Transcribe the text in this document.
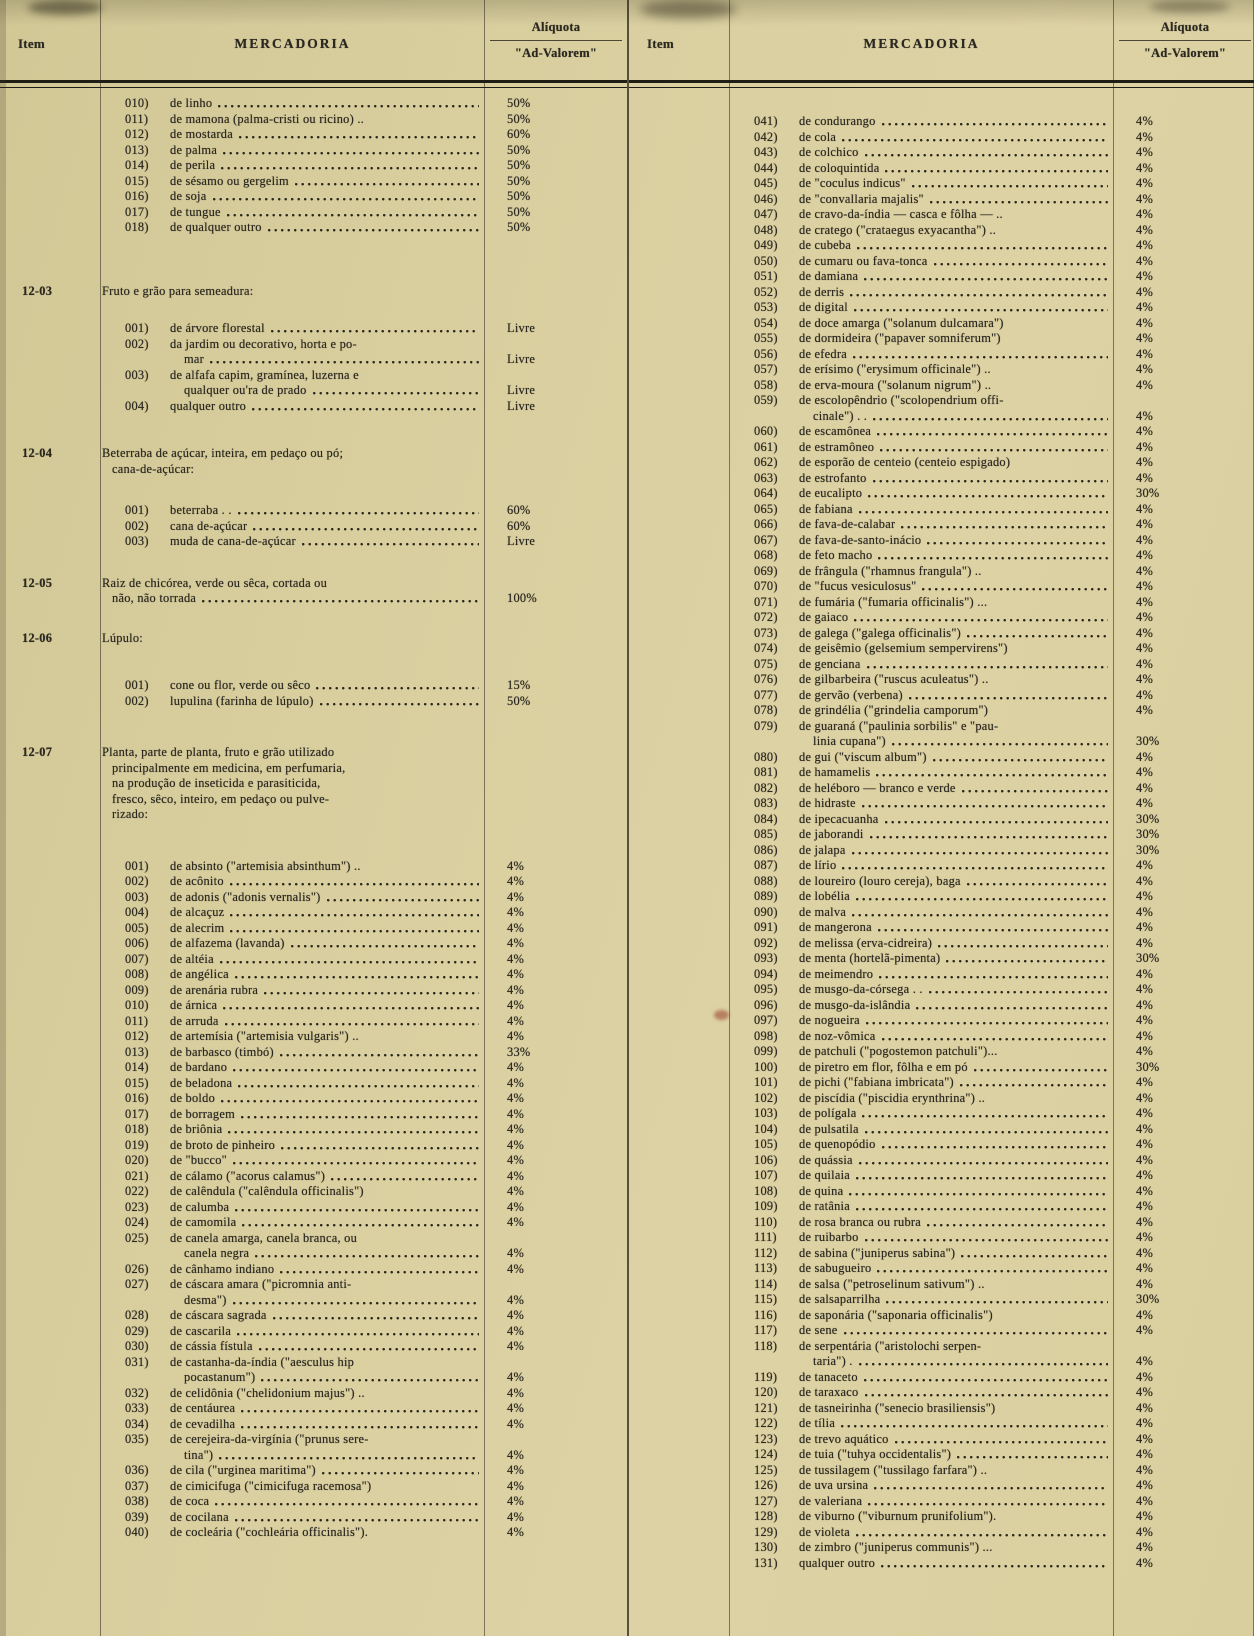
Item	MERCADORIA
Alíquota
"Ad-Valorem"
010)	de linho	50%
011)	de mamona (palma-cristi ou ricino) ..	50%
012)	de mostarda	60%
013)	de palma	50%
014)	de perila	50%
015)	de sésamo ou gergelim	50%
016)	de soja	50%
017)	de tungue	50%
018)	de qualquer outro	50%
12-03	Fruto e grão para semeadura:
001)	de árvore florestal	Livre
002)	da jardim ou decorativo, horta e po-
mar	Livre
003)	de alfafa capim, gramínea, luzerna e
qualquer ou'ra de prado	Livre
004)	qualquer outro	Livre
12-04	Beterraba de açúcar, inteira, em pedaço ou pó;
cana-de-açúcar:
001)	beterraba . .	60%
002)	cana de-açúcar	60%
003)	muda de cana-de-açúcar	Livre
12-05	Raiz de chicórea, verde ou sêca, cortada ou
não, não torrada	100%
12-06	Lúpulo:
001)	cone ou flor, verde ou sêco	15%
002)	lupulina (farinha de lúpulo)	50%
12-07	Planta, parte de planta, fruto e grão utilizado
principalmente em medicina, em perfumaria,
na produção de inseticida e parasiticida,
fresco, sêco, inteiro, em pedaço ou pulve-
rizado:
001)	de absinto ("artemisia absinthum") ..	4%
002)	de acônito	4%
003)	de adonis ("adonis vernalis")	4%
004)	de alcaçuz	4%
005)	de alecrim	4%
006)	de alfazema (lavanda)	4%
007)	de altéia	4%
008)	de angélica	4%
009)	de arenária rubra	4%
010)	de árnica	4%
011)	de arruda	4%
012)	de artemísia ("artemisia vulgaris") ..	4%
013)	de barbasco (timbó)	33%
014)	de bardano	4%
015)	de beladona	4%
016)	de boldo	4%
017)	de borragem	4%
018)	de briônia	4%
019)	de broto de pinheiro	4%
020)	de "bucco"	4%
021)	de cálamo ("acorus calamus")	4%
022)	de calêndula ("calêndula officinalis")	4%
023)	de calumba	4%
024)	de camomila	4%
025)	de canela amarga, canela branca, ou
canela negra	4%
026)	de cânhamo indiano	4%
027)	de cáscara amara ("picromnia anti-
desma")	4%
028)	de cáscara sagrada	4%
029)	de cascarila	4%
030)	de cássia fístula	4%
031)	de castanha-da-índia ("aesculus hip
pocastanum")	4%
032)	de celidônia ("chelidonium majus") ..	4%
033)	de centáurea	4%
034)	de cevadilha	4%
035)	de cerejeira-da-virgínia ("prunus sere-
tina")	4%
036)	de cila ("urginea maritima")	4%
037)	de cimicifuga ("cimicifuga racemosa")	4%
038)	de coca	4%
039)	de cocilana	4%
040)	de cocleária ("cochleária officinalis").	4%
Item	MERCADORIA
Alíquota
"Ad-Valorem"
041)	de condurango	4%
042)	de cola	4%
043)	de colchico	4%
044)	de coloquintida	4%
045)	de "coculus indicus"	4%
046)	de "convallaria majalis"	4%
047)	de cravo-da-índia — casca e fôlha — ..	4%
048)	de cratego ("crataegus exyacantha") ..	4%
049)	de cubeba	4%
050)	de cumaru ou fava-tonca	4%
051)	de damiana	4%
052)	de derris	4%
053)	de digital	4%
054)	de doce amarga ("solanum dulcamara")	4%
055)	de dormideira ("papaver somniferum")	4%
056)	de efedra	4%
057)	de erísimo ("erysimum officinale") ..	4%
058)	de erva-moura ("solanum nigrum") ..	4%
059)	de escolopêndrio ("scolopendrium offi-
cinale") . .	4%
060)	de escamônea	4%
061)	de estramôneo	4%
062)	de esporão de centeio (centeio espigado)	4%
063)	de estrofanto	4%
064)	de eucalipto	30%
065)	de fabiana	4%
066)	de fava-de-calabar	4%
067)	de fava-de-santo-inácio	4%
068)	de feto macho	4%
069)	de frângula ("rhamnus frangula") ..	4%
070)	de "fucus vesiculosus"	4%
071)	de fumária ("fumaria officinalis") ...	4%
072)	de gaiaco	4%
073)	de galega ("galega officinalis")	4%
074)	de geisêmio (gelsemium sempervirens")	4%
075)	de genciana	4%
076)	de gilbarbeira ("ruscus aculeatus") ..	4%
077)	de gervão (verbena)	4%
078)	de grindélia ("grindelia camporum")	4%
079)	de guaraná ("paulinia sorbilis" e "pau-
linia cupana")	30%
080)	de gui ("viscum album")	4%
081)	de hamamelis	4%
082)	de heléboro — branco e verde	4%
083)	de hidraste	4%
084)	de ipecacuanha	30%
085)	de jaborandi	30%
086)	de jalapa	30%
087)	de lírio	4%
088)	de loureiro (louro cereja), baga	4%
089)	de lobélia	4%
090)	de malva	4%
091)	de mangerona	4%
092)	de melissa (erva-cidreira)	4%
093)	de menta (hortelã-pimenta)	30%
094)	de meimendro	4%
095)	de musgo-da-córsega . .	4%
096)	de musgo-da-islândia	4%
097)	de nogueira	4%
098)	de noz-vômica	4%
099)	de patchuli ("pogostemon patchuli")...	4%
100)	de piretro em flor, fôlha e em pó	30%
101)	de pichi ("fabiana imbricata")	4%
102)	de piscídia ("piscidia erynthrina") ..	4%
103)	de polígala	4%
104)	de pulsatila	4%
105)	de quenopódio	4%
106)	de quássia	4%
107)	de quilaia	4%
108)	de quina	4%
109)	de ratânia	4%
110)	de rosa branca ou rubra	4%
111)	de ruibarbo	4%
112)	de sabina ("juniperus sabina")	4%
113)	de sabugueiro	4%
114)	de salsa ("petroselinum sativum") ..	4%
115)	de salsaparrilha	30%
116)	de saponária ("saponaria officinalis")	4%
117)	de sene	4%
118)	de serpentária ("aristolochi serpen-
taria") .	4%
119)	de tanaceto	4%
120)	de taraxaco	4%
121)	de tasneirinha ("senecio brasiliensis")	4%
122)	de tília	4%
123)	de trevo aquático	4%
124)	de tuia ("tuhya occidentalis")	4%
125)	de tussilagem ("tussilago farfara") ..	4%
126)	de uva ursina	4%
127)	de valeriana	4%
128)	de viburno ("viburnum prunifolium").	4%
129)	de violeta	4%
130)	de zimbro ("juniperus communis") ...	4%
131)	qualquer outro	4%
